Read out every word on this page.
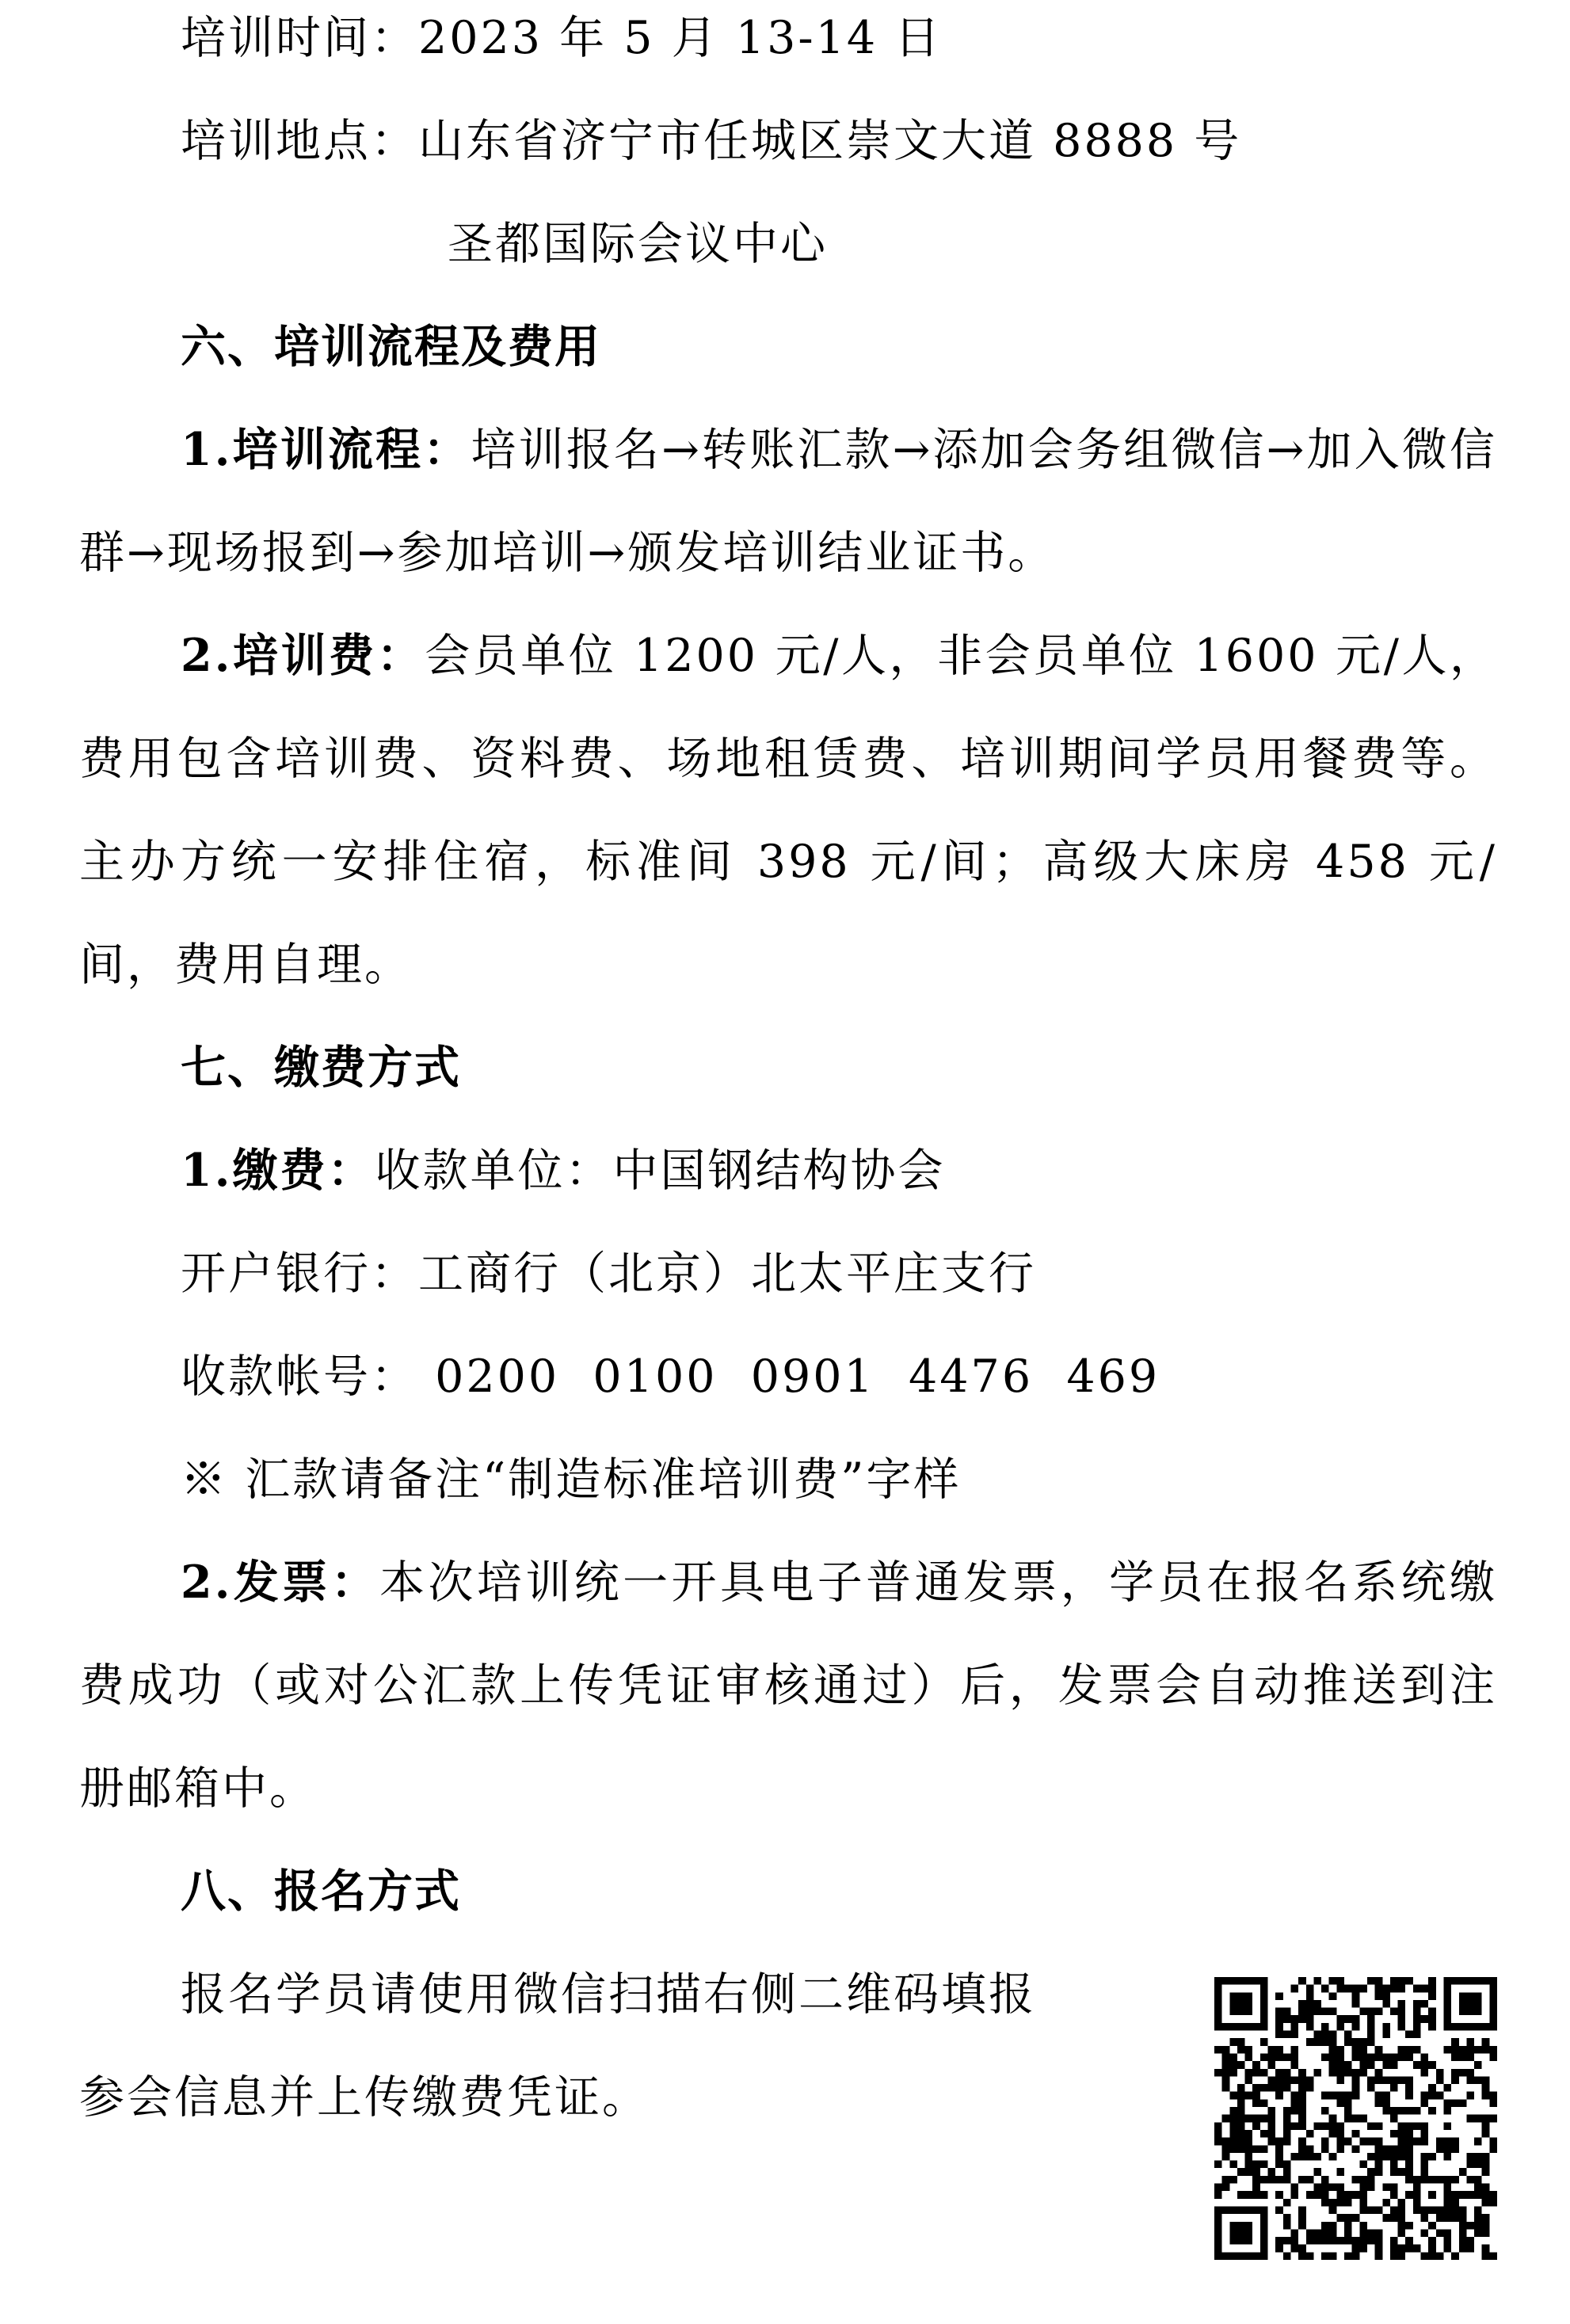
培训时间：2023 年 5 月 13-14 日
培训地点：山东省济宁市任城区崇文大道 8888 号
圣都国际会议中心
六、培训流程及费用
1.培训流程：培训报名→转账汇款→添加会务组微信→加入微信群→现场报到→参加培训→颁发培训结业证书。
2.培训费：会员单位 1200 元/人，非会员单位 1600 元/人，费用包含培训费、资料费、场地租赁费、培训期间学员用餐费等。主办方统一安排住宿，标准间 398 元/间；高级大床房 458 元/间，费用自理。
七、缴费方式
1.缴费：收款单位：中国钢结构协会
开户银行：工商行（北京）北太平庄支行
收款帐号： 0200  0100  0901  4476  469
※ 汇款请备注“制造标准培训费”字样
2.发票：本次培训统一开具电子普通发票，学员在报名系统缴费成功（或对公汇款上传凭证审核通过）后，发票会自动推送到注册邮箱中。
八、报名方式
报名学员请使用微信扫描右侧二维码填报
参会信息并上传缴费凭证。
